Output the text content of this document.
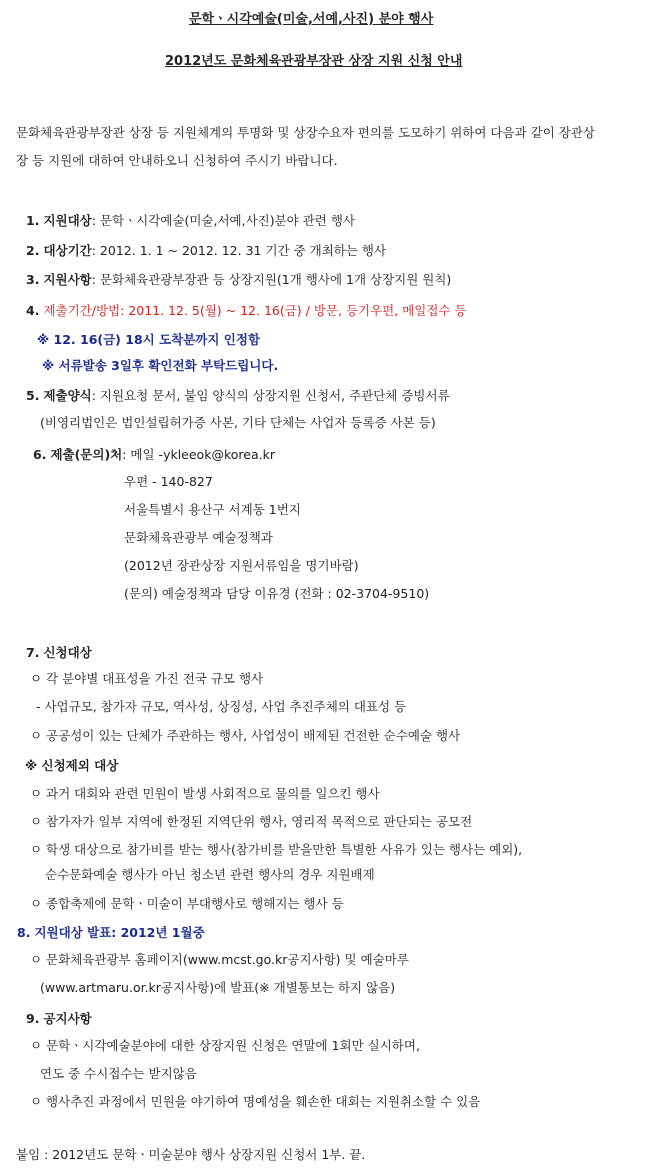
문학ㆍ시각예술(미술,서예,사진) 분야 행사
2012년도 문화체육관광부장관 상장 지원 신청 안내
문화체육관광부장관 상장 등 지원체계의 투명화 및 상장수요자 편의를 도모하기 위하여 다음과 같이 장관상
장 등 지원에 대하여 안내하오니 신청하여 주시기 바랍니다.
1. 지원대상: 문학ㆍ시각예술(미술,서예,사진)분야 관련 행사
2. 대상기간: 2012. 1. 1 ~ 2012. 12. 31 기간 중 개최하는 행사
3. 지원사항: 문화체육관광부장관 등 상장지원(1개 행사에 1개 상장지원 원칙)
4. 제출기간/방법: 2011. 12. 5(월) ~ 12. 16(금) / 방문, 등기우편, 메일접수 등
※ 12. 16(금) 18시 도착분까지 인정함
※ 서류발송 3일후 확인전화 부탁드립니다.
5. 제출양식: 지원요청 문서, 붙임 양식의 상장지원 신청서, 주관단체 증빙서류
(비영리법인은 법인설립허가증 사본, 기타 단체는 사업자 등록증 사본 등)
6. 제출(문의)처: 메일 -ykleeok@korea.kr
우편 - 140-827
서울특별시 용산구 서계동 1번지
문화체육관광부 예술정책과
(2012년 장관상장 지원서류임을 명기바람)
(문의) 예술정책과 담당 이유경 (전화 : 02-3704-9510)
7. 신청대상
ㅇ 각 분야별 대표성을 가진 전국 규모 행사
- 사업규모, 참가자 규모, 역사성, 상징성, 사업 추진주체의 대표성 등
ㅇ 공공성이 있는 단체가 주관하는 행사, 사업성이 배제된 건전한 순수예술 행사
※ 신청제외 대상
ㅇ 과거 대회와 관련 민원이 발생 사회적으로 물의를 일으킨 행사
ㅇ 참가자가 일부 지역에 한정된 지역단위 행사, 영리적 목적으로 판단되는 공모전
ㅇ 학생 대상으로 참가비를 받는 행사(참가비를 받을만한 특별한 사유가 있는 행사는 예외),
순수문화예술 행사가 아닌 청소년 관련 행사의 경우 지원배제
ㅇ 종합축제에 문학ㆍ미술이 부대행사로 행해지는 행사 등
8. 지원대상 발표: 2012년 1월중
ㅇ 문화체육관광부 홈페이지(www.mcst.go.kr공지사항) 및 예술마루
(www.artmaru.or.kr공지사항)에 발표(※ 개별통보는 하지 않음)
9. 공지사항
ㅇ 문학ㆍ시각예술분야에 대한 상장지원 신청은 연말에 1회만 실시하며,
연도 중 수시접수는 받지않음
ㅇ 행사추진 과정에서 민원을 야기하여 명예성을 훼손한 대회는 지원취소할 수 있음
붙임 : 2012년도 문학ㆍ미술분야 행사 상장지원 신청서 1부. 끝.
